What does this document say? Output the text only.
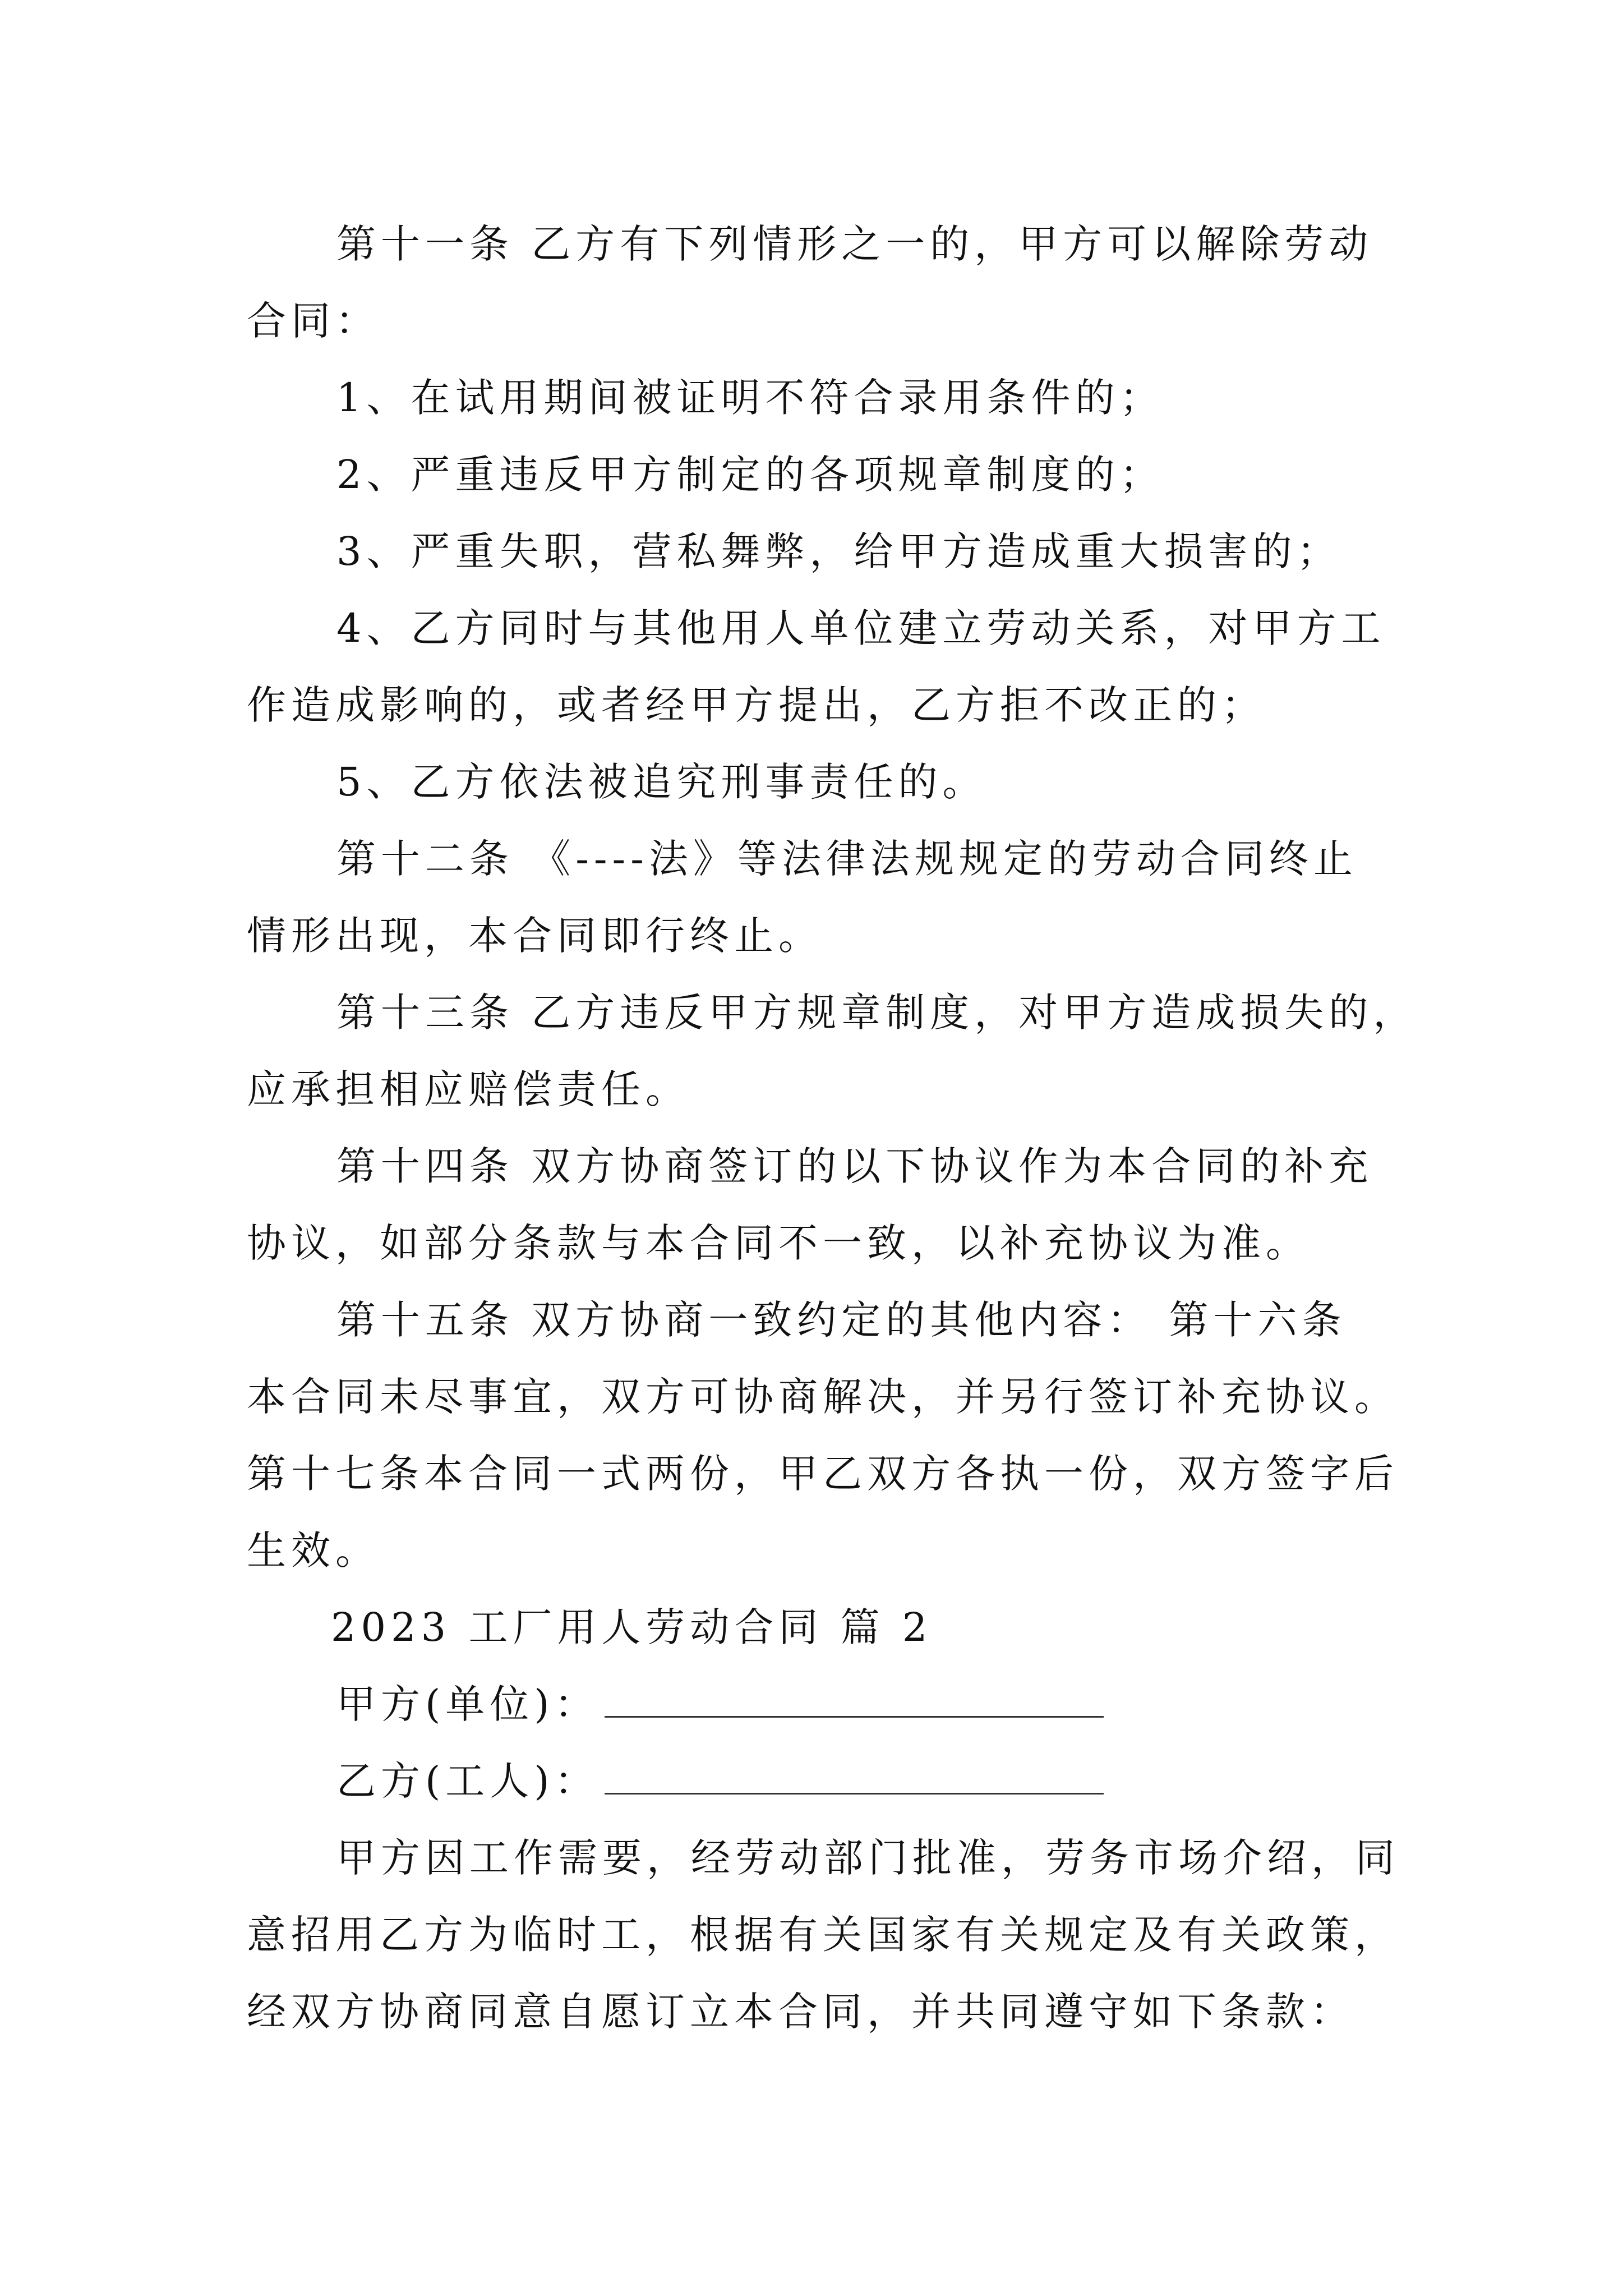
第十一条 乙方有下列情形之一的，甲方可以解除劳动
合同：
1、在试用期间被证明不符合录用条件的；
2、严重违反甲方制定的各项规章制度的；
3、严重失职，营私舞弊，给甲方造成重大损害的；
4、乙方同时与其他用人单位建立劳动关系，对甲方工
作造成影响的，或者经甲方提出，乙方拒不改正的；
5、乙方依法被追究刑事责任的。
第十二条 《----法》等法律法规规定的劳动合同终止
情形出现，本合同即行终止。
第十三条 乙方违反甲方规章制度，对甲方造成损失的，
应承担相应赔偿责任。
第十四条 双方协商签订的以下协议作为本合同的补充
协议，如部分条款与本合同不一致，以补充协议为准。
第十五条 双方协商一致约定的其他内容： 第十六条
本合同未尽事宜，双方可协商解决，并另行签订补充协议。
第十七条本合同一式两份，甲乙双方各执一份，双方签字后
生效。
2023 工厂用人劳动合同 篇 2
甲方(单位)：
乙方(工人)：
甲方因工作需要，经劳动部门批准，劳务市场介绍，同
意招用乙方为临时工，根据有关国家有关规定及有关政策，
经双方协商同意自愿订立本合同，并共同遵守如下条款：
